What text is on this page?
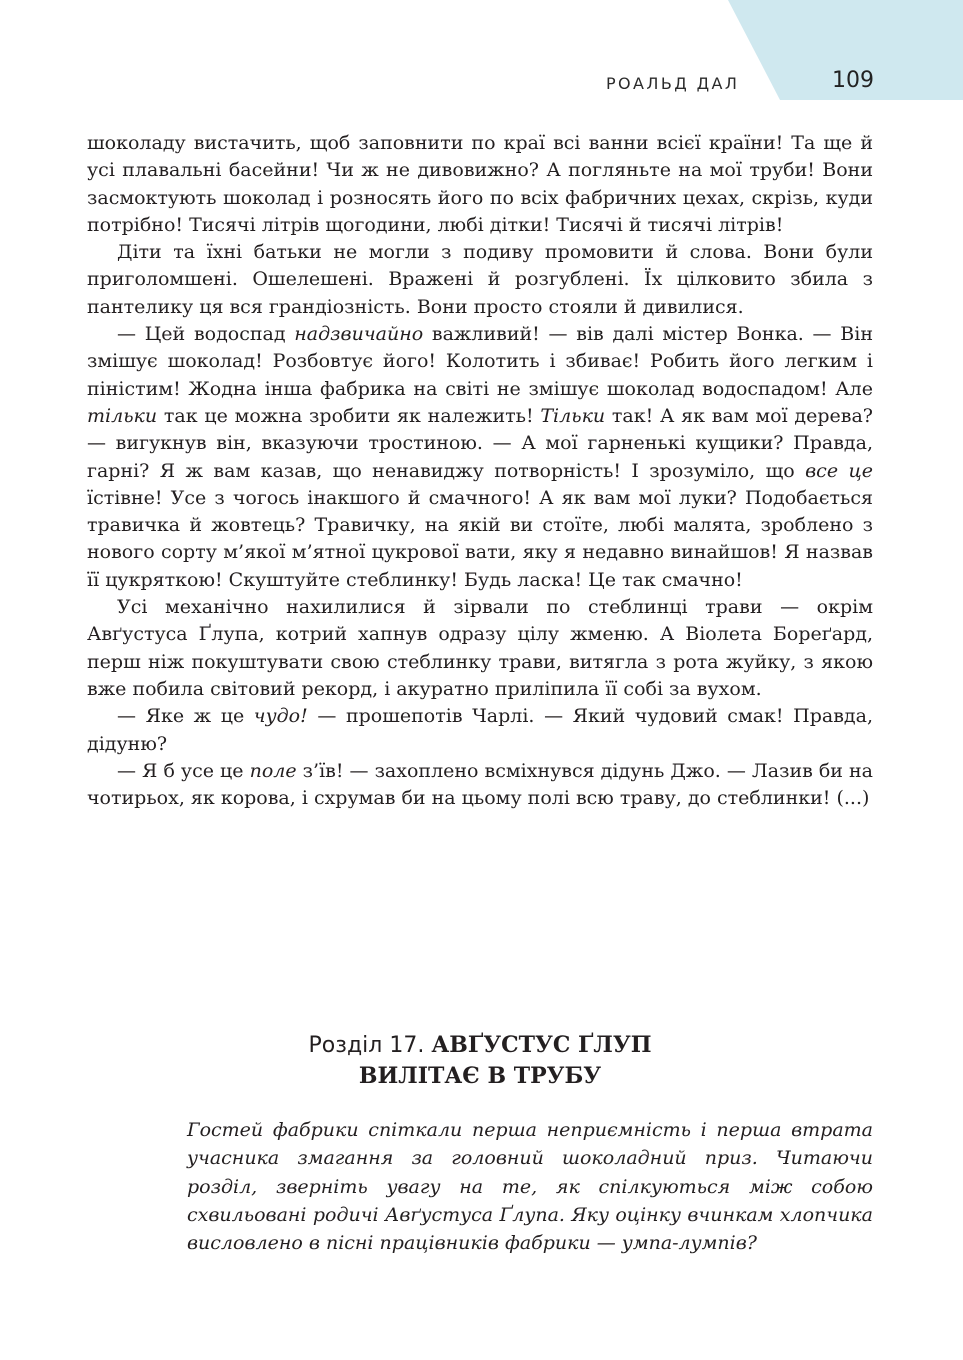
РОАЛЬД ДАЛ	109

шоколаду вистачить, щоб заповнити по краї всі ванни всієї країни! Та ще й усі плавальні басейни! Чи ж не дивовижно? А погляньте на мої труби! Вони засмоктують шоколад і розносять його по всіх фабричних цехах, скрізь, куди потрібно! Тисячі літрів щогодини, любі дітки! Тисячі й тисячі літрів!

Діти та їхні батьки не могли з подиву промовити й слова. Вони були приголомшені. Ошелешені. Вражені й розгублені. Їх цілковито збила з пантелику ця вся грандіозність. Вони просто стояли й дивилися.

— Цей водоспад надзвичайно важливий! — вів далі містер Вонка. — Він змішує шоколад! Розбовтує його! Колотить і збиває! Робить його легким і піністим! Жодна інша фабрика на світі не змішує шоколад водоспадом! Але тільки так це можна зробити як належить! Тільки так! А як вам мої дерева? — вигукнув він, вказуючи тростиною. — А мої гарненькі кущики? Правда, гарні? Я ж вам казав, що ненавиджу потворність! І зрозуміло, що все це їстівне! Усе з чогось інакшого й смачного! А як вам мої луки? Подобається травичка й жовтець? Травичку, на якій ви стоїте, любі малята, зроблено з нового сорту м’якої м’ятної цукрової вати, яку я недавно винайшов! Я назвав її цукряткою! Скуштуйте стеблинку! Будь ласка! Це так смачно!

Усі механічно нахилилися й зірвали по стеблинці трави — окрім Авґустуса Ґлупа, котрий хапнув одразу цілу жменю. А Віолета Бореґард, перш ніж покуштувати свою стеблинку трави, витягла з рота жуйку, з якою вже побила світовий рекорд, і акуратно приліпила її собі за вухом.

— Яке ж це чудо! — прошепотів Чарлі. — Який чудовий смак! Правда, дідуню?

— Я б усе це поле з’їв! — захоплено всміхнувся дідунь Джо. — Лазив би на чотирьох, як корова, і схрумав би на цьому полі всю траву, до стеблинки! (...)

Розділ 17. АВҐУСТУС ҐЛУП
ВИЛІТАЄ В ТРУБУ
Гостей фабрики спіткали перша неприємність і перша втрата учасника змагання за головний шоколадний приз. Читаючи розділ, зверніть увагу на те, як спілкуються між собою схвильовані родичі Авґустуса Ґлупа. Яку оцінку вчинкам хлопчика висловлено в пісні працівників фабрики — умпа-лумпів?
